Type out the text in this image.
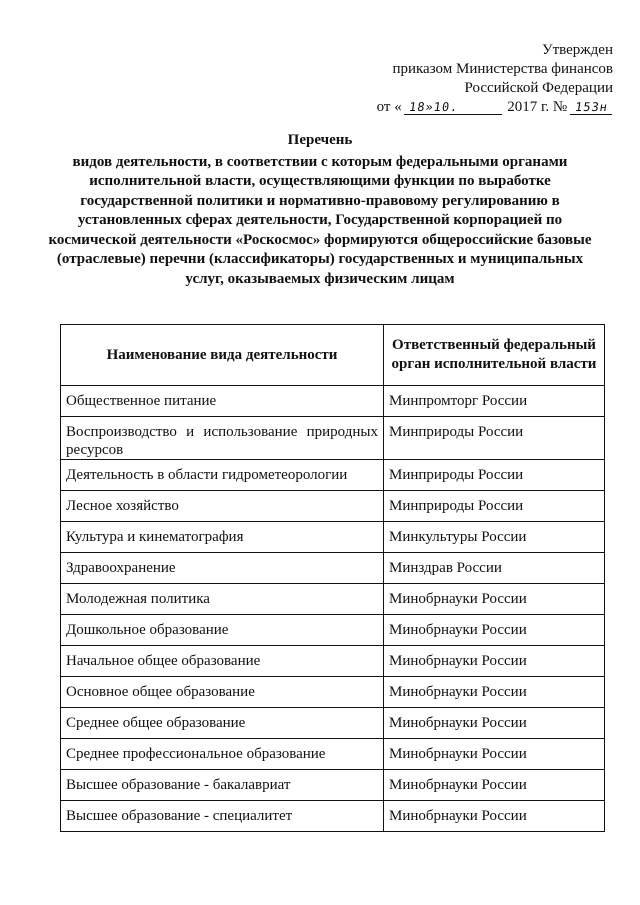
Утвержден
приказом Министерства финансов
Российской Федерации
от « 18»10.	2017 г. № 153н
Перечень
видов деятельности, в соответствии с которым федеральными органами исполнительной власти, осуществляющими функции по выработке государственной политики и нормативно-правовому регулированию в установленных сферах деятельности, Государственной корпорацией по космической деятельности «Роскосмос» формируются общероссийские базовые (отраслевые) перечни (классификаторы) государственных и муниципальных услуг, оказываемых физическим лицам
Наименование вида деятельности	Ответственный федеральный орган исполнительной власти
Общественное питание	Минпромторг России
Воспроизводство и использование природных ресурсов	Минприроды России
Деятельность в области гидрометеорологии	Минприроды России
Лесное хозяйство	Минприроды России
Культура и кинематография	Минкультуры России
Здравоохранение	Минздрав России
Молодежная политика	Минобрнауки России
Дошкольное образование	Минобрнауки России
Начальное общее образование	Минобрнауки России
Основное общее образование	Минобрнауки России
Среднее общее образование	Минобрнауки России
Среднее профессиональное образование	Минобрнауки России
Высшее образование - бакалавриат	Минобрнауки России
Высшее образование - специалитет	Минобрнауки России
